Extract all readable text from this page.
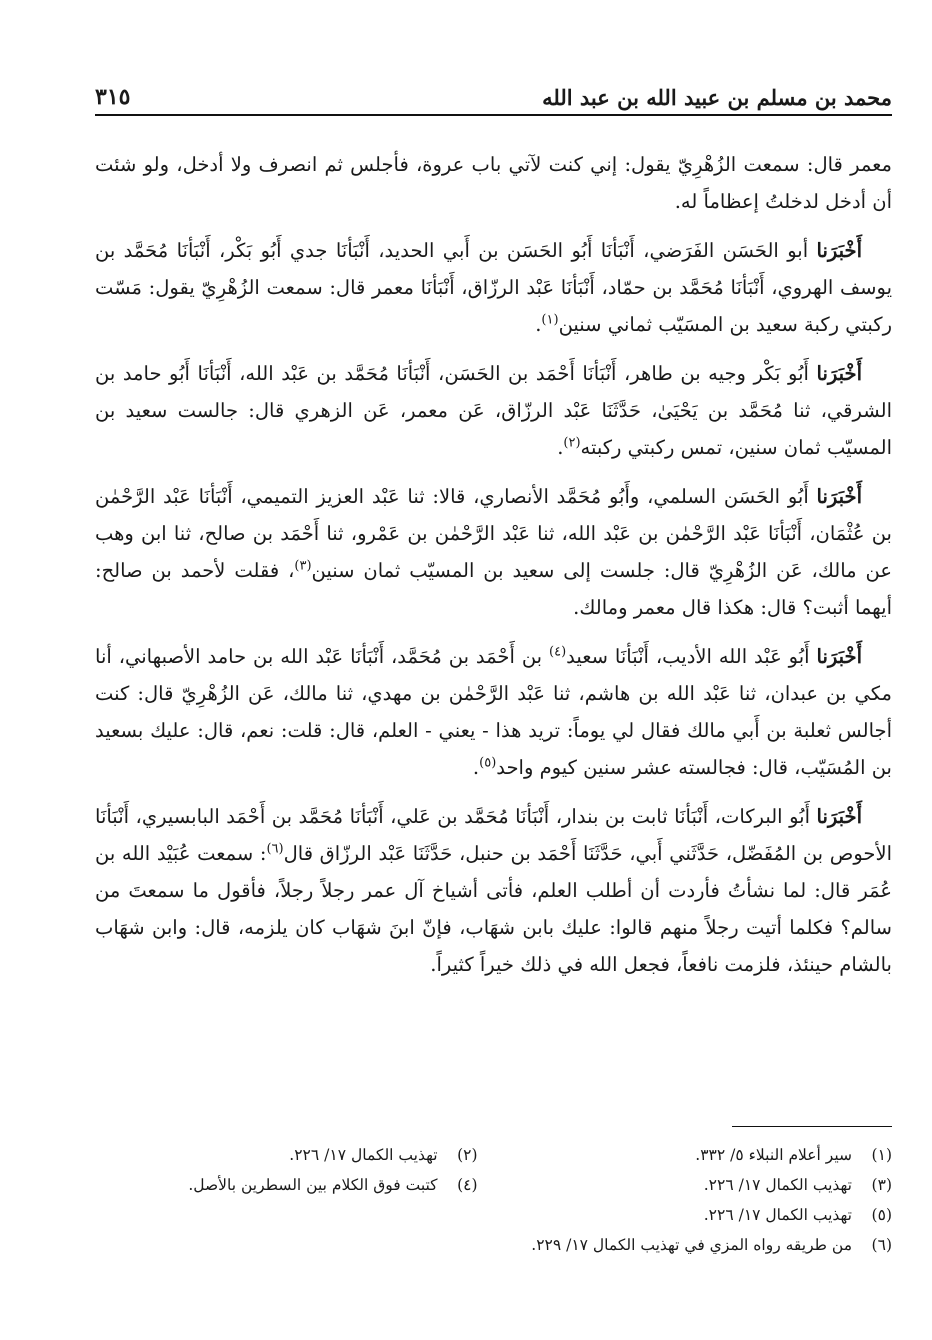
محمد بن مسلم بن عبيد الله بن عبد الله
٣١٥

معمر قال: سمعت الزُهْرِيّ يقول: إني كنت لآتي باب عروة، فأجلس ثم انصرف ولا أدخل، ولو شئت أن أدخل لدخلتُ إعظاماً له.

أَخْبَرَنا أبو الحَسَن الفَرَضي، أَنْبَأنَا أَبُو الحَسَن بن أَبي الحديد، أَنْبَأنَا جدي أَبُو بَكْر، أَنْبَأنَا مُحَمَّد بن يوسف الهروي، أَنْبَأنَا مُحَمَّد بن حمّاد، أَنْبَأنَا عَبْد الرزّاق، أَنْبَأنَا معمر قال: سمعت الزُهْرِيّ يقول: مَسّت ركبتي ركبة سعيد بن المسَيّب ثماني سنين$^{(١)}$.

أَخْبَرَنا أَبُو بَكْر وجيه بن طاهر، أَنْبَأنَا أَحْمَد بن الحَسَن، أَنْبَأنَا مُحَمَّد بن عَبْد الله، أَنْبَأنَا أَبُو حامد بن الشرقي، ثنا مُحَمَّد بن يَحْيَىٰ، حَدَّثَنَا عَبْد الرزّاق، عَن معمر، عَن الزهري قال: جالست سعيد بن المسيّب ثمان سنين، تمس ركبتي ركبته$^{(٢)}$.

أَخْبَرَنا أَبُو الحَسَن السلمي، وأَبُو مُحَمَّد الأنصاري، قالا: ثنا عَبْد العزيز التميمي، أَنْبَأنَا عَبْد الرَّحْمٰن بن عُثْمَان، أَنْبَأنَا عَبْد الرَّحْمٰن بن عَبْد الله، ثنا عَبْد الرَّحْمٰن بن عَمْرو، ثنا أَحْمَد بن صالح، ثنا ابن وهب عن مالك، عَن الزُهْرِيّ قال: جلست إلى سعيد بن المسيّب ثمان سنين$^{(٣)}$، فقلت لأحمد بن صالح: أيهما أثبت؟ قال: هكذا قال معمر ومالك.

أَخْبَرَنا أَبُو عَبْد الله الأديب، أَنْبَأنَا سعيد$^{(٤)}$ بن أَحْمَد بن مُحَمَّد، أَنْبَأنَا عَبْد الله بن حامد الأصبهاني، أنا مكي بن عبدان، ثنا عَبْد الله بن هاشم، ثنا عَبْد الرَّحْمٰن بن مهدي، ثنا مالك، عَن الزُهْرِيّ قال: كنت أجالس ثعلبة بن أَبي مالك فقال لي يوماً: تريد هذا - يعني - العلم، قال: قلت: نعم، قال: عليك بسعيد بن المُسَيّب، قال: فجالسته عشر سنين كيوم واحد$^{(٥)}$.

أَخْبَرَنا أَبُو البركات، أَنْبَأنَا ثابت بن بندار، أَنْبَأنَا مُحَمَّد بن عَلي، أَنْبَأنَا مُحَمَّد بن أَحْمَد البابسيري، أَنْبَأنَا الأحوص بن المُفَضّل، حَدَّثَني أَبي، حَدَّثَنَا أَحْمَد بن حنبل، حَدَّثَنَا عَبْد الرزّاق قال$^{(٦)}$: سمعت عُبَيْد الله بن عُمَر قال: لما نشأتُ فأردت أن أطلب العلم، فأتى أشياخ آل عمر رجلاً رجلاً، فأقول ما سمعتَ من سالم؟ فكلما أتيت رجلاً منهم قالوا: عليك بابن شهَاب، فإنّ ابنَ شهَاب كان يلزمه، قال: وابن شهَاب بالشام حينئذ، فلزمت نافعاً، فجعل الله في ذلك خيراً كثيراً.

(١)
سير أعلام النبلاء ٥/ ٣٣٢.
(٢)
تهذيب الكمال ١٧/ ٢٢٦.
(٣)
تهذيب الكمال ١٧/ ٢٢٦.
(٤)
كتبت فوق الكلام بين السطرين بالأصل.
(٥)
تهذيب الكمال ١٧/ ٢٢٦.
(٦)
من طريقه رواه المزي في تهذيب الكمال ١٧/ ٢٢٩.
